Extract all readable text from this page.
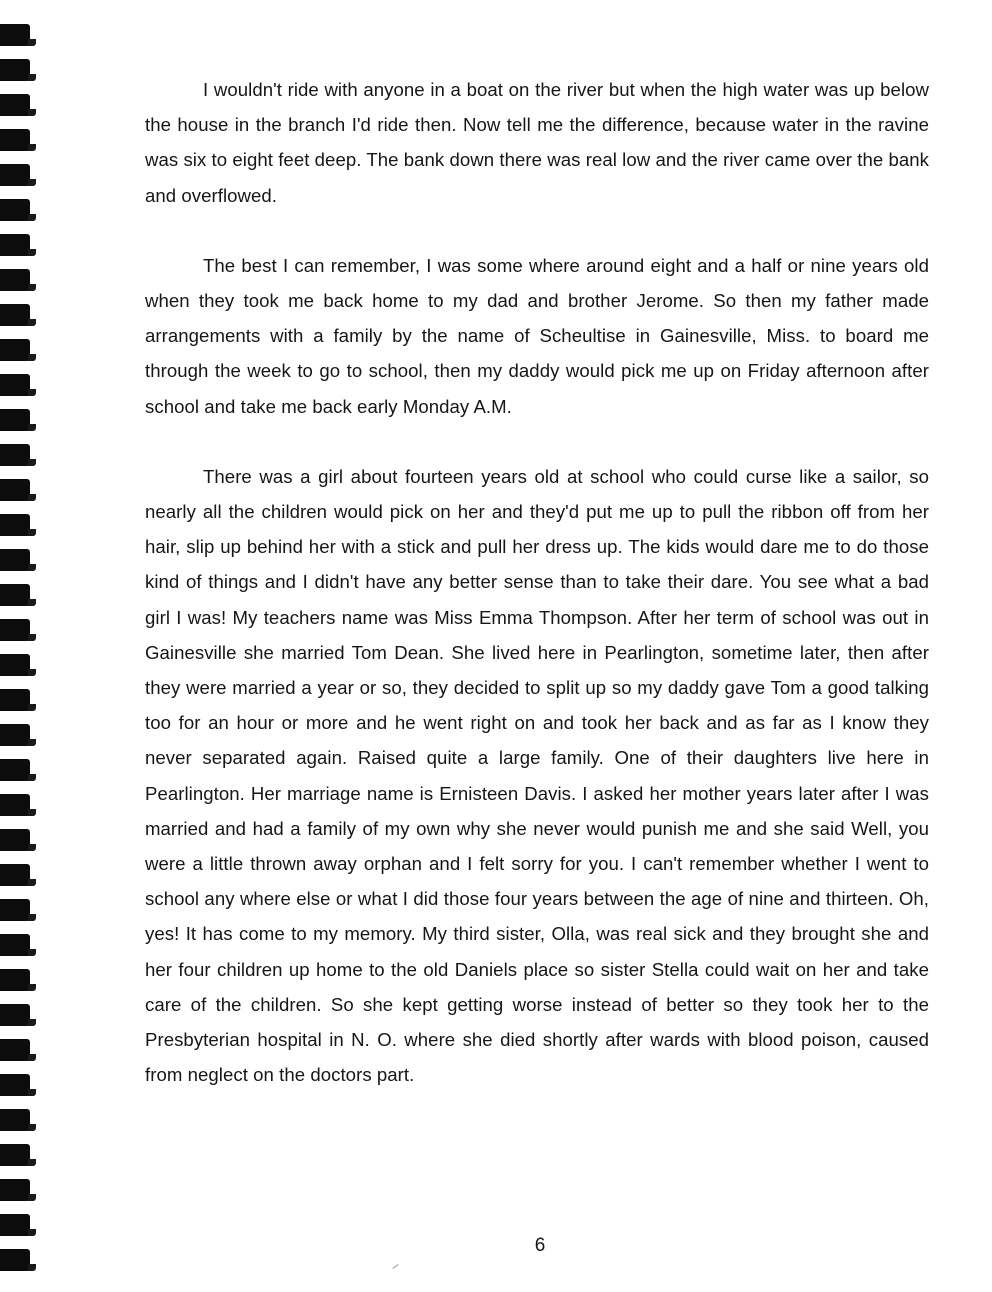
I wouldn't ride with anyone in a boat on the river but when the high water was up below the house in the branch I'd ride then. Now tell me the difference, because water in the ravine was six to eight feet deep. The bank down there was real low and the river came over the bank and overflowed.

The best I can remember, I was some where around eight and a half or nine years old when they took me back home to my dad and brother Jerome. So then my father made arrangements with a family by the name of Scheultise in Gainesville, Miss. to board me through the week to go to school, then my daddy would pick me up on Friday afternoon after school and take me back early Monday A.M.

There was a girl about fourteen years old at school who could curse like a sailor, so nearly all the children would pick on her and they'd put me up to pull the ribbon off from her hair, slip up behind her with a stick and pull her dress up. The kids would dare me to do those kind of things and I didn't have any better sense than to take their dare. You see what a bad girl I was! My teachers name was Miss Emma Thompson. After her term of school was out in Gainesville she married Tom Dean. She lived here in Pearlington, sometime later, then after they were married a year or so, they decided to split up so my daddy gave Tom a good talking too for an hour or more and he went right on and took her back and as far as I know they never separated again. Raised quite a large family. One of their daughters live here in Pearlington. Her marriage name is Ernisteen Davis. I asked her mother years later after I was married and had a family of my own why she never would punish me and she said Well, you were a little thrown away orphan and I felt sorry for you. I can't remember whether I went to school any where else or what I did those four years between the age of nine and thirteen. Oh, yes! It has come to my memory. My third sister, Olla, was real sick and they brought she and her four children up home to the old Daniels place so sister Stella could wait on her and take care of the children. So she kept getting worse instead of better so they took her to the Presbyterian hospital in N. O. where she died shortly after wards with blood poison, caused from neglect on the doctors part.

6
